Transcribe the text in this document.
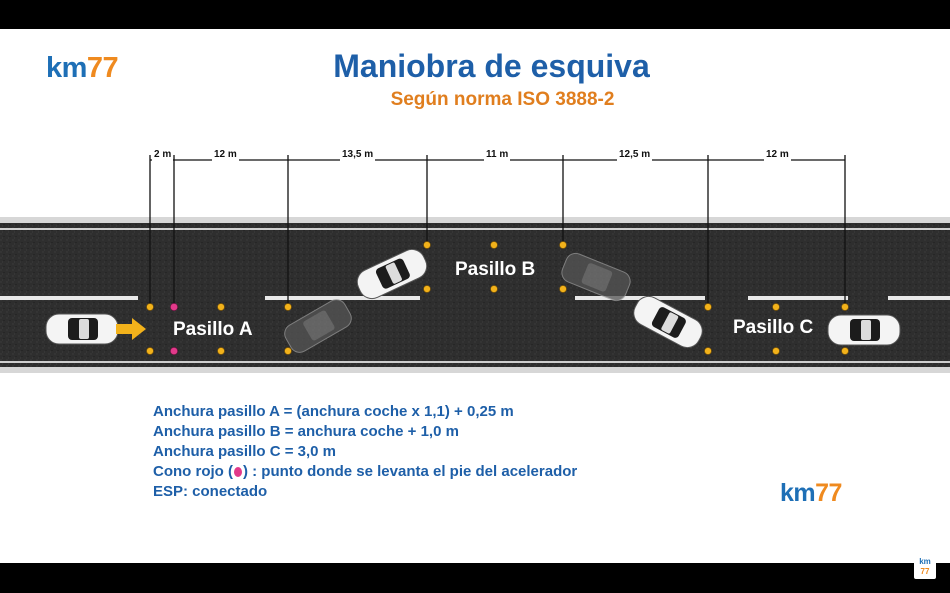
km77	Maniobra de esquiva
Según norma ISO 3888-2
2 m	12 m	13,5 m	11 m	12,5 m	12 m
Pasillo A
Pasillo B
Pasillo C
Anchura pasillo A = (anchura coche x 1,1) + 0,25 m
Anchura pasillo B = anchura coche + 1,0 m
Anchura pasillo C = 3,0 m
Cono rojo ( ) : punto donde se levanta el pie del acelerador
ESP: conectado	km77
km
77
